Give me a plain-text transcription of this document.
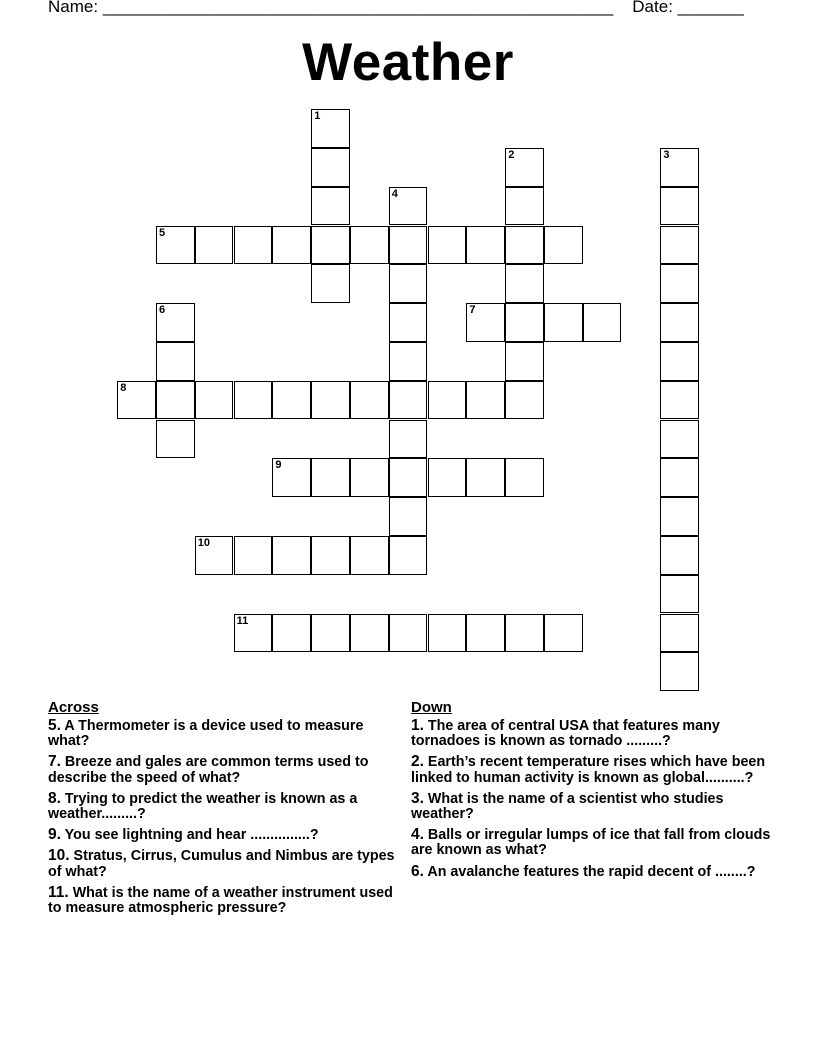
Name: ______________________________________________________ Date: _______
Weather
5
7
8
9
10
11
1
2	3
4
6
Across
5. A Thermometer is a device used to measure what?
7. Breeze and gales are common terms used to describe the speed of what?
8. Trying to predict the weather is known as a weather.........?
9. You see lightning and hear ...............?
10. Stratus, Cirrus, Cumulus and Nimbus are types of what?
11. What is the name of a weather instrument used to measure atmospheric pressure?
Down
1. The area of central USA that features many tornadoes is known as tornado .........?
2. Earth’s recent temperature rises which have been linked to human activity is known as global..........?
3. What is the name of a scientist who studies weather?
4. Balls or irregular lumps of ice that fall from clouds are known as what?
6. An avalanche features the rapid decent of ........?
